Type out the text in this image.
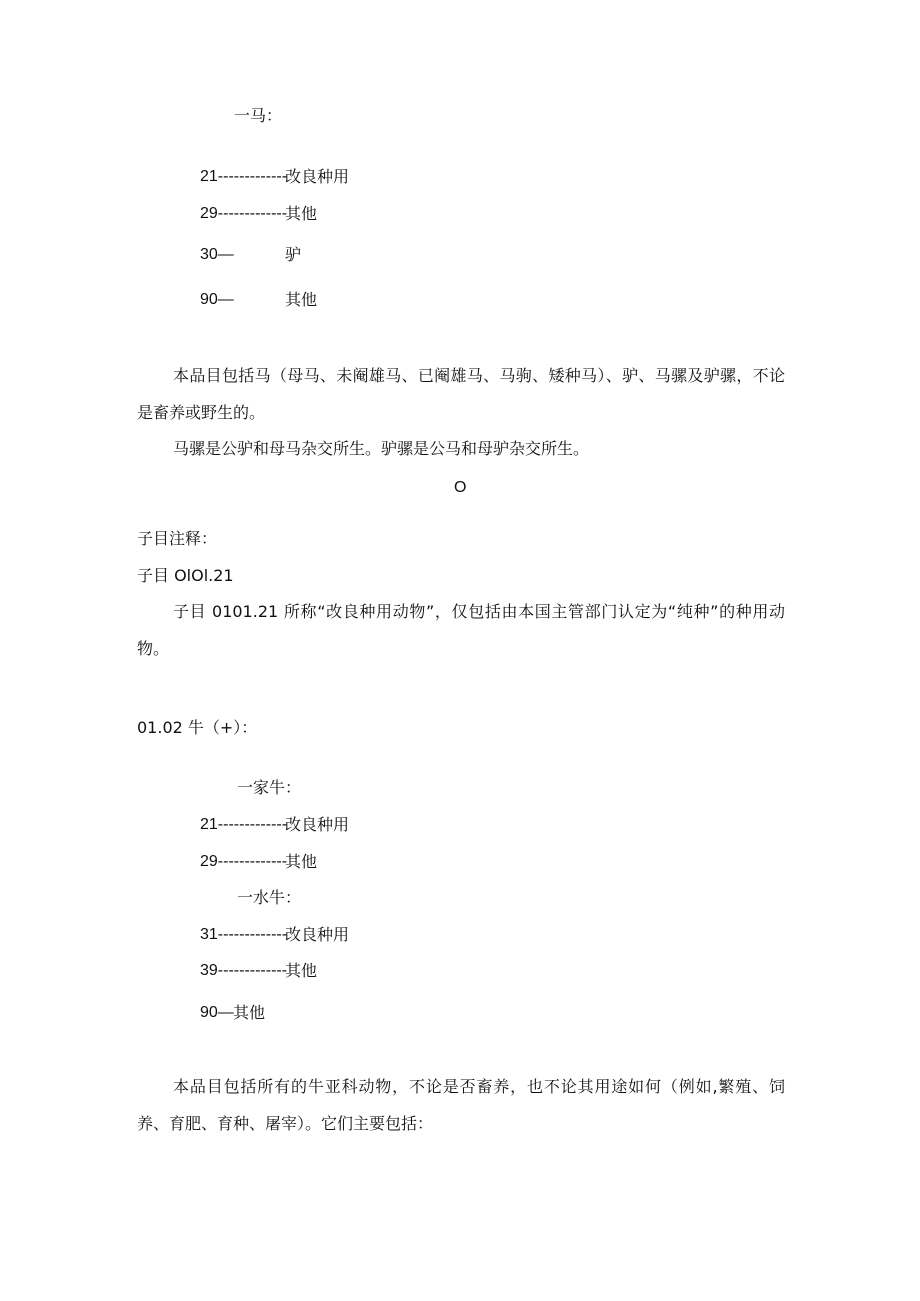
一马：
21-------------
改良种用
29-------------
其他
30—	驴
90—	其他
本品目包括马（母马、未阉雄马、已阉雄马、马驹、矮种马）、驴、马骡及驴骡，不论是畜养或野生的。
马骡是公驴和母马杂交所生。驴骡是公马和母驴杂交所生。
O
子目注释：
子目 OlOl.21
子目 0101.21 所称“改良种用动物”，仅包括由本国主管部门认定为“纯种”的种用动物。
01.02 牛（+）：
一家牛：
21-------------
改良种用
29-------------
其他
一水牛：
31-------------
改良种用
39-------------
其他
90— 其他
本品目包括所有的牛亚科动物，不论是否畜养，也不论其用途如何（例如,繁殖、饲养、育肥、育种、屠宰）。它们主要包括：
